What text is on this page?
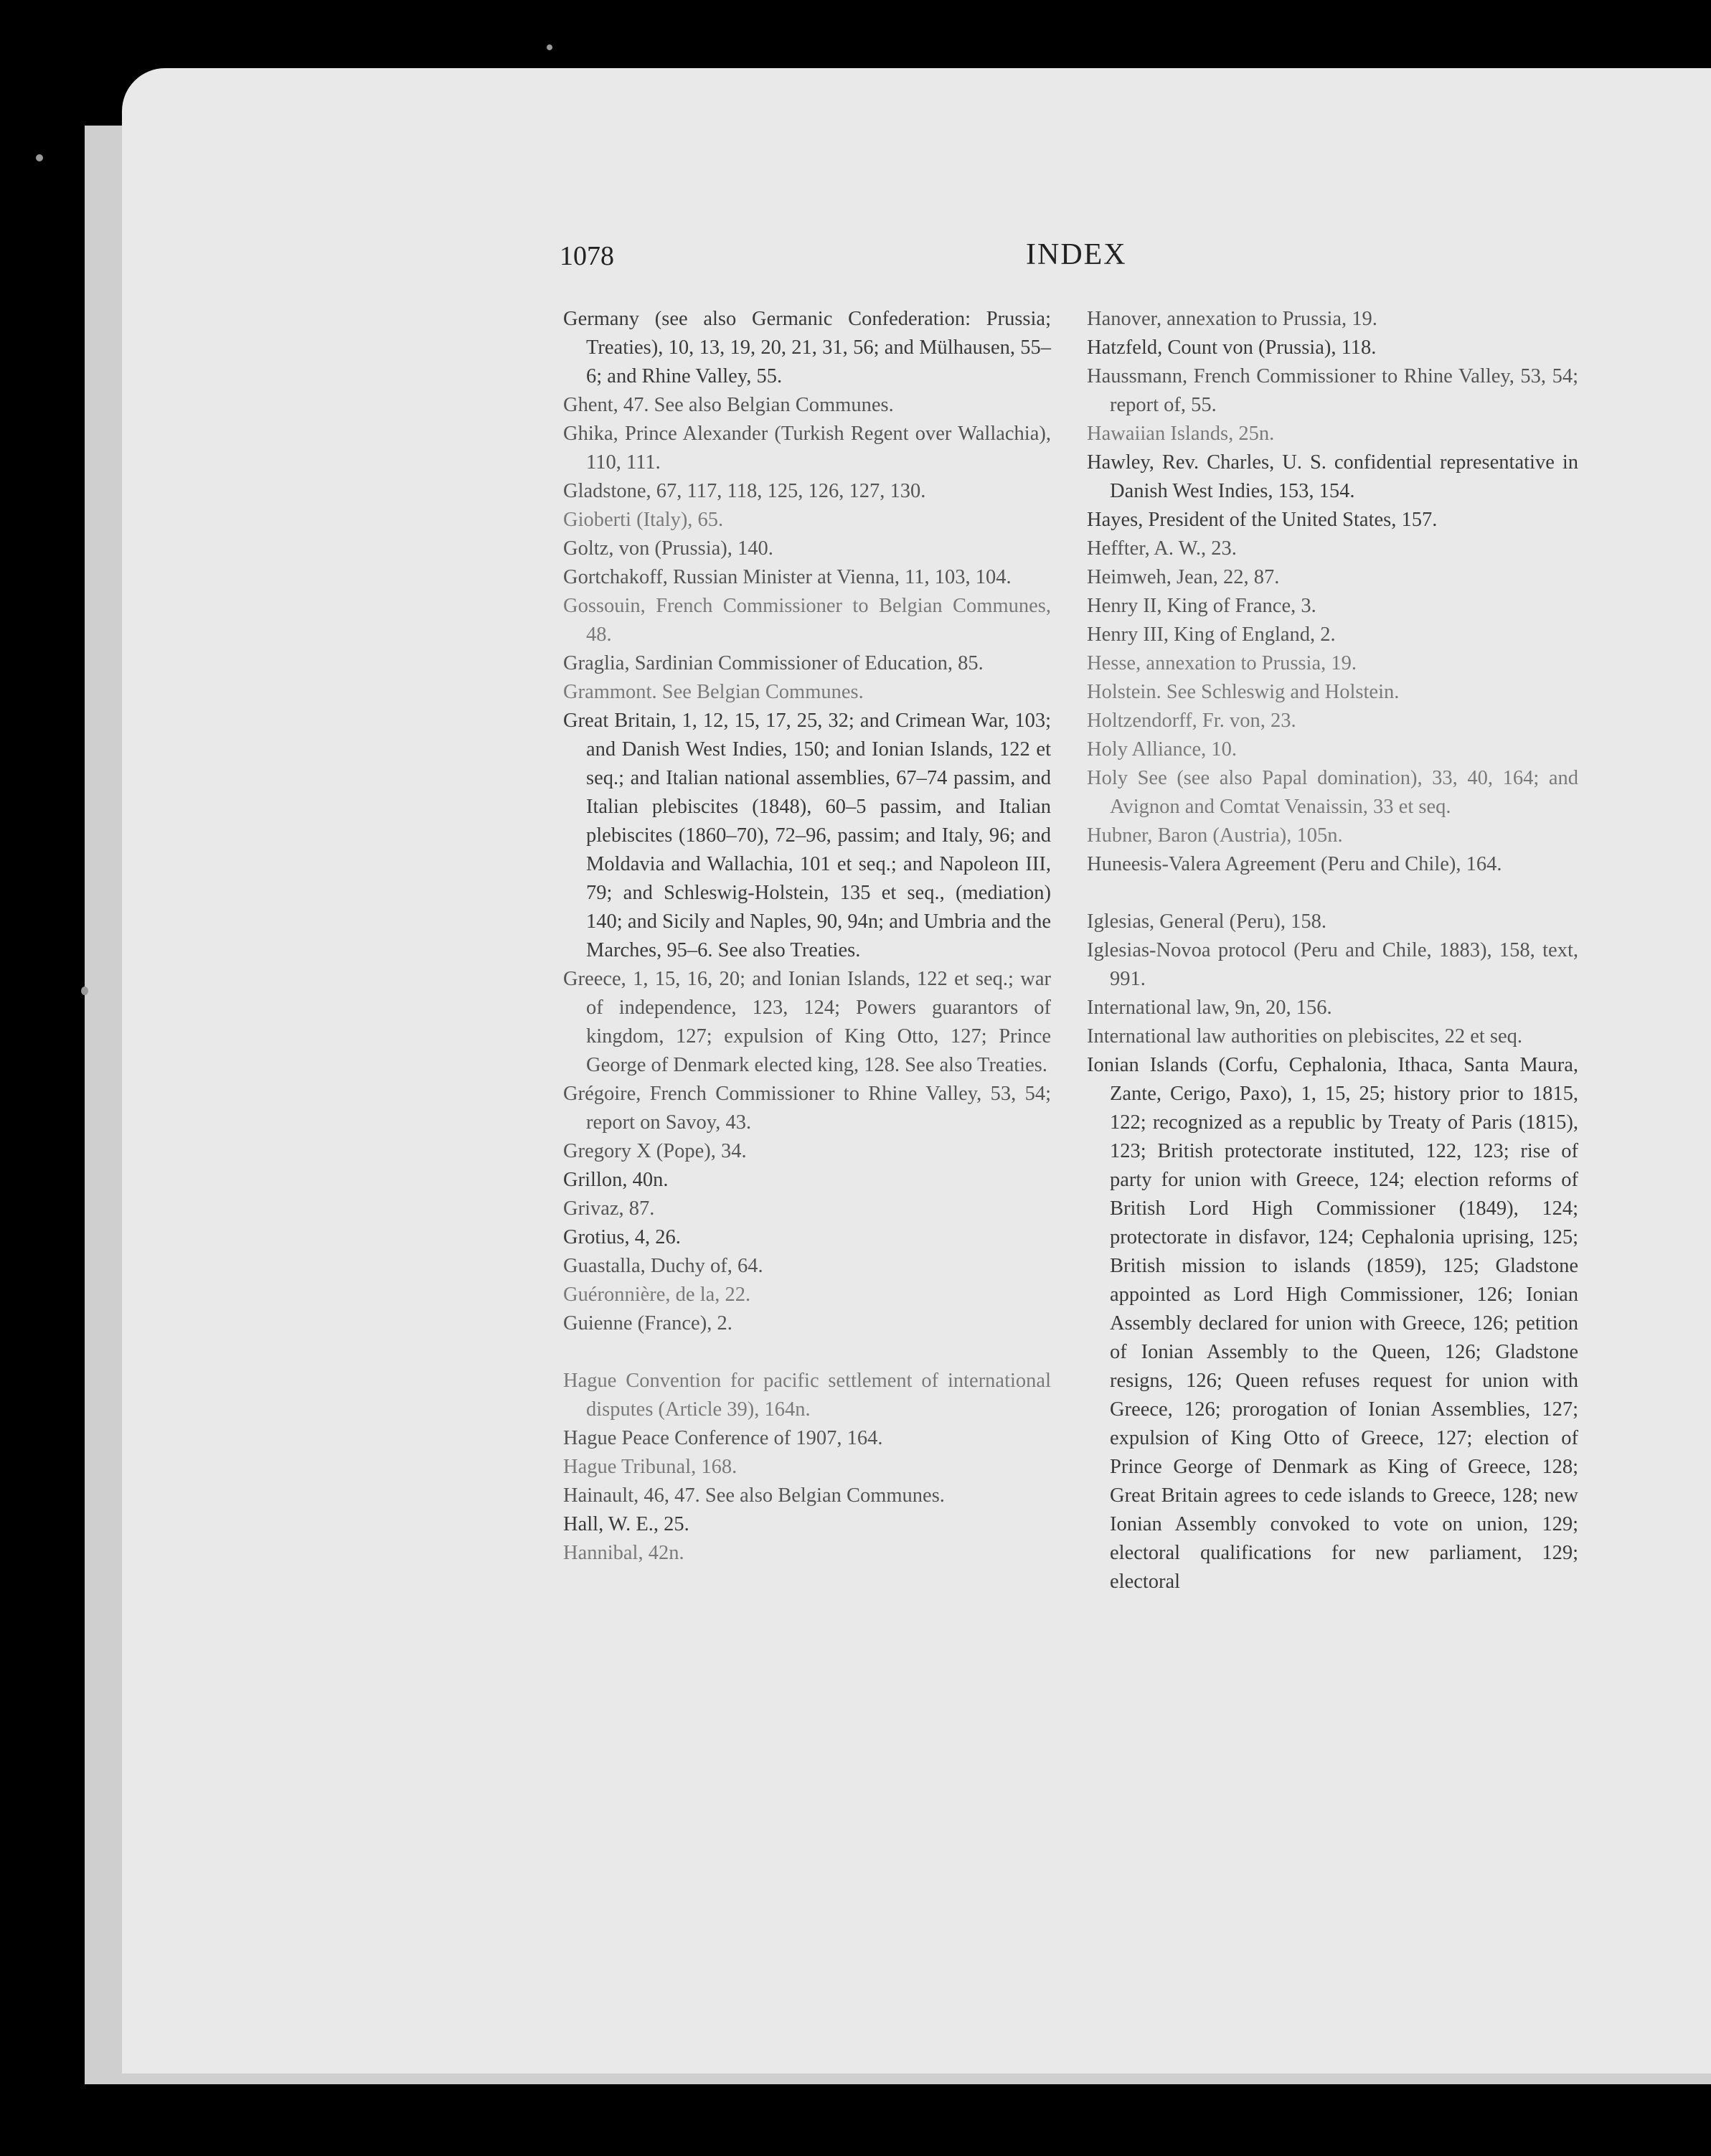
1078	INDEX
Germany (see also Germanic Confederation: Prussia; Treaties), 10, 13, 19, 20, 21, 31, 56; and Mülhausen, 55–6; and Rhine Valley, 55.
Ghent, 47. See also Belgian Communes.
Ghika, Prince Alexander (Turkish Regent over Wallachia), 110, 111.
Gladstone, 67, 117, 118, 125, 126, 127, 130.
Gioberti (Italy), 65.
Goltz, von (Prussia), 140.
Gortchakoff, Russian Minister at Vienna, 11, 103, 104.
Gossouin, French Commissioner to Belgian Communes, 48.
Graglia, Sardinian Commissioner of Education, 85.
Grammont. See Belgian Communes.
Great Britain, 1, 12, 15, 17, 25, 32; and Crimean War, 103; and Danish West Indies, 150; and Ionian Islands, 122 et seq.; and Italian national assemblies, 67–74 passim, and Italian plebiscites (1848), 60–5 passim, and Italian plebiscites (1860–70), 72–96, passim; and Italy, 96; and Moldavia and Wallachia, 101 et seq.; and Napoleon III, 79; and Schleswig-Holstein, 135 et seq., (mediation) 140; and Sicily and Naples, 90, 94n; and Umbria and the Marches, 95–6. See also Treaties.
Greece, 1, 15, 16, 20; and Ionian Islands, 122 et seq.; war of independence, 123, 124; Powers guarantors of kingdom, 127; expulsion of King Otto, 127; Prince George of Denmark elected king, 128. See also Treaties.
Grégoire, French Commissioner to Rhine Valley, 53, 54; report on Savoy, 43.
Gregory X (Pope), 34.
Grillon, 40n.
Grivaz, 87.
Grotius, 4, 26.
Guastalla, Duchy of, 64.
Guéronnière, de la, 22.
Guienne (France), 2.
Hague Convention for pacific settlement of international disputes (Article 39), 164n.
Hague Peace Conference of 1907, 164.
Hague Tribunal, 168.
Hainault, 46, 47. See also Belgian Communes.
Hall, W. E., 25.
Hannibal, 42n.
Hanover, annexation to Prussia, 19.
Hatzfeld, Count von (Prussia), 118.
Haussmann, French Commissioner to Rhine Valley, 53, 54; report of, 55.
Hawaiian Islands, 25n.
Hawley, Rev. Charles, U. S. confidential representative in Danish West Indies, 153, 154.
Hayes, President of the United States, 157.
Heffter, A. W., 23.
Heimweh, Jean, 22, 87.
Henry II, King of France, 3.
Henry III, King of England, 2.
Hesse, annexation to Prussia, 19.
Holstein. See Schleswig and Holstein.
Holtzendorff, Fr. von, 23.
Holy Alliance, 10.
Holy See (see also Papal domination), 33, 40, 164; and Avignon and Comtat Venaissin, 33 et seq.
Hubner, Baron (Austria), 105n.
Huneesis-Valera Agreement (Peru and Chile), 164.
Iglesias, General (Peru), 158.
Iglesias-Novoa protocol (Peru and Chile, 1883), 158, text, 991.
International law, 9n, 20, 156.
International law authorities on plebiscites, 22 et seq.
Ionian Islands (Corfu, Cephalonia, Ithaca, Santa Maura, Zante, Cerigo, Paxo), 1, 15, 25; history prior to 1815, 122; recognized as a republic by Treaty of Paris (1815), 123; British protectorate instituted, 122, 123; rise of party for union with Greece, 124; election reforms of British Lord High Commissioner (1849), 124; protectorate in disfavor, 124; Cephalonia uprising, 125; British mission to islands (1859), 125; Gladstone appointed as Lord High Commissioner, 126; Ionian Assembly declared for union with Greece, 126; petition of Ionian Assembly to the Queen, 126; Gladstone resigns, 126; Queen refuses request for union with Greece, 126; prorogation of Ionian Assemblies, 127; expulsion of King Otto of Greece, 127; election of Prince George of Denmark as King of Greece, 128; Great Britain agrees to cede islands to Greece, 128; new Ionian Assembly convoked to vote on union, 129; electoral qualifications for new parliament, 129; electoral
